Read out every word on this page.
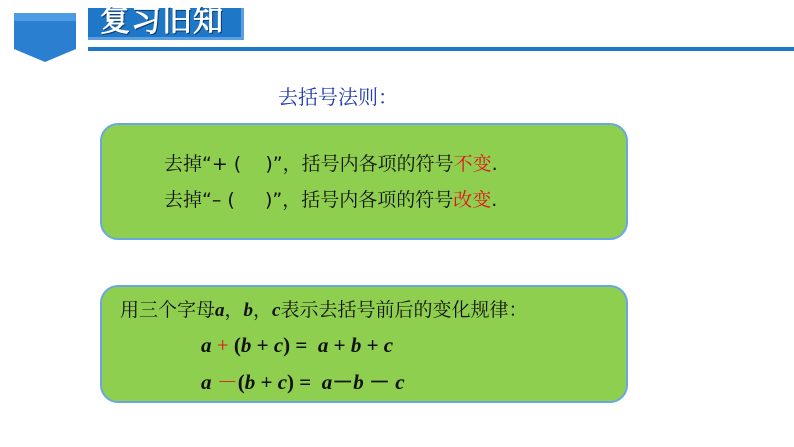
复习旧知
去括号法则：
去掉“+ (    )”，括号内各项的符号不变.
去掉“– (     )”，括号内各项的符号改变.
用三个字母a，b，c表示去括号前后的变化规律：
a + (b + c) =  a + b + c
a －(b + c) =  a－b － c
